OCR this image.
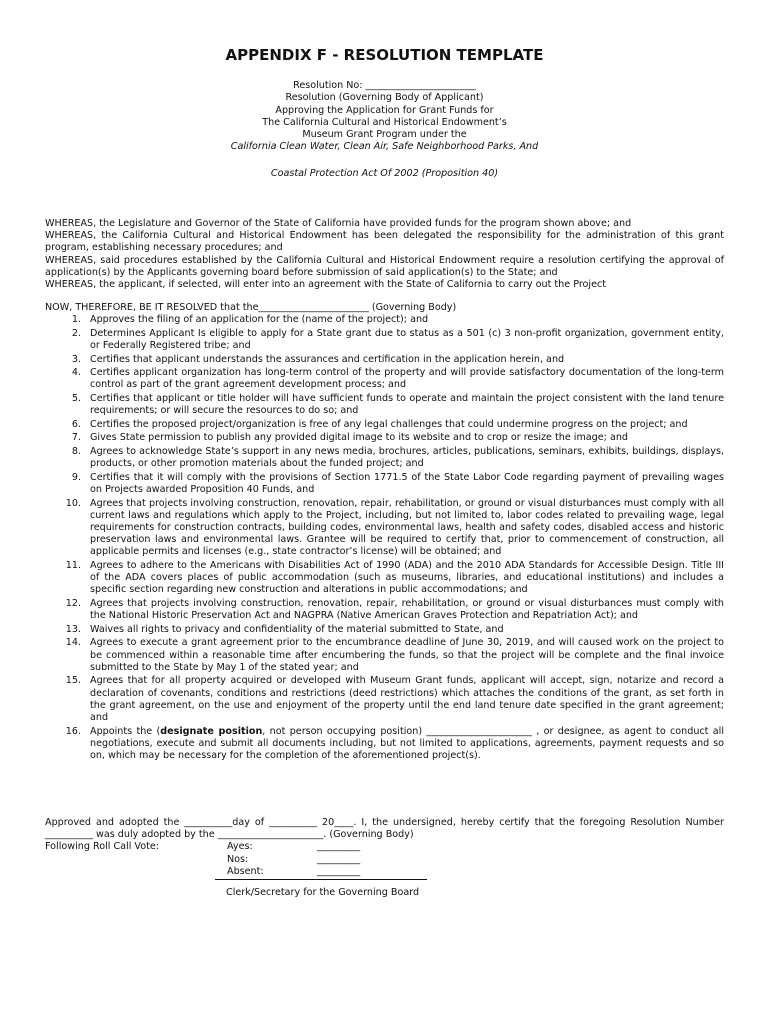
APPENDIX F - RESOLUTION TEMPLATE
Resolution No: _______________________
Resolution (Governing Body of Applicant)
Approving the Application for Grant Funds for
The California Cultural and Historical Endowment’s
Museum Grant Program under the
California Clean Water, Clean Air, Safe Neighborhood Parks, And
Coastal Protection Act Of 2002 (Proposition 40)

WHEREAS, the Legislature and Governor of the State of California have provided funds for the program shown above; and

WHEREAS, the California Cultural and Historical Endowment has been delegated the responsibility for the administration of this grant program, establishing necessary procedures; and

WHEREAS, said procedures established by the California Cultural and Historical Endowment require a resolution certifying the approval of application(s) by the Applicants governing board before submission of said application(s) to the State; and

WHEREAS, the applicant, if selected, will enter into an agreement with the State of California to carry out the Project

NOW, THEREFORE, BE IT RESOLVED that the_______________________ (Governing Body)

1. Approves the filing of an application for the (name of the project); and
2. Determines Applicant Is eligible to apply for a State grant due to status as a 501 (c) 3 non-profit organization, government entity, or Federally Registered tribe; and
3. Certifies that applicant understands the assurances and certification in the application herein, and
4. Certifies applicant organization has long-term control of the property and will provide satisfactory documentation of the long-term control as part of the grant agreement development process; and
5. Certifies that applicant or title holder will have sufficient funds to operate and maintain the project consistent with the land tenure requirements; or will secure the resources to do so; and
6. Certifies the proposed project/organization is free of any legal challenges that could undermine progress on the project; and
7. Gives State permission to publish any provided digital image to its website and to crop or resize the image; and
8. Agrees to acknowledge State’s support in any news media, brochures, articles, publications, seminars, exhibits, buildings, displays, products, or other promotion materials about the funded project; and
9. Certifies that it will comply with the provisions of Section 1771.5 of the State Labor Code regarding payment of prevailing wages on Projects awarded Proposition 40 Funds, and
10. Agrees that projects involving construction, renovation, repair, rehabilitation, or ground or visual disturbances must comply with all current laws and regulations which apply to the Project, including, but not limited to, labor codes related to prevailing wage, legal requirements for construction contracts, building codes, environmental laws, health and safety codes, disabled access and historic preservation laws and environmental laws. Grantee will be required to certify that, prior to commencement of construction, all applicable permits and licenses (e.g., state contractor’s license) will be obtained; and
11. Agrees to adhere to the Americans with Disabilities Act of 1990 (ADA) and the 2010 ADA Standards for Accessible Design. Title III of the ADA covers places of public accommodation (such as museums, libraries, and educational institutions) and includes a specific section regarding new construction and alterations in public accommodations; and
12. Agrees that projects involving construction, renovation, repair, rehabilitation, or ground or visual disturbances must comply with the National Historic Preservation Act and NAGPRA (Native American Graves Protection and Repatriation Act); and
13. Waives all rights to privacy and confidentiality of the material submitted to State, and
14. Agrees to execute a grant agreement prior to the encumbrance deadline of June 30, 2019, and will caused work on the project to be commenced within a reasonable time after encumbering the funds, so that the project will be complete and the final invoice submitted to the State by May 1 of the stated year; and
15. Agrees that for all property acquired or developed with Museum Grant funds, applicant will accept, sign, notarize and record a declaration of covenants, conditions and restrictions (deed restrictions) which attaches the conditions of the grant, as set forth in the grant agreement, on the use and enjoyment of the property until the end land tenure date specified in the grant agreement; and
16. Appoints the (designate position, not person occupying position) ______________________ , or designee, as agent to conduct all negotiations, execute and submit all documents including, but not limited to applications, agreements, payment requests and so on, which may be necessary for the completion of the aforementioned project(s).

Approved and adopted the __________day of __________ 20____. I, the undersigned, hereby certify that the foregoing Resolution Number __________ was duly adopted by the ______________________. (Governing Body)

Following Roll Call Vote:	Ayes:	_________
Nos:	_________
Absent:	_________
Clerk/Secretary for the Governing Board
